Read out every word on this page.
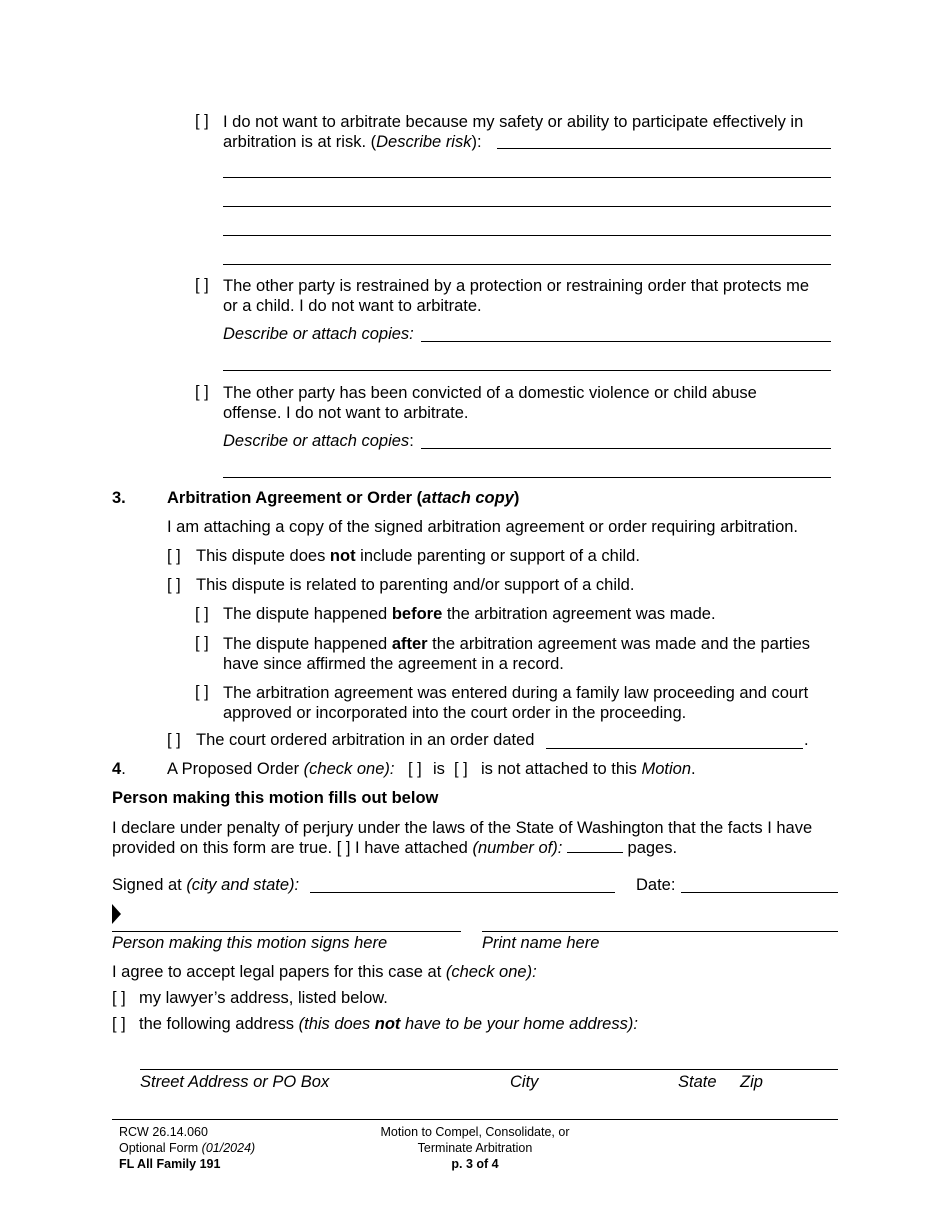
[ ] I do not want to arbitrate because my safety or ability to participate effectively in
arbitration is at risk. (Describe risk):
[ ] The other party is restrained by a protection or restraining order that protects me
or a child. I do not want to arbitrate.
Describe or attach copies:
[ ] The other party has been convicted of a domestic violence or child abuse
offense. I do not want to arbitrate.
Describe or attach copies:
3. Arbitration Agreement or Order (attach copy)
I am attaching a copy of the signed arbitration agreement or order requiring arbitration.
[ ] This dispute does not include parenting or support of a child.
[ ] This dispute is related to parenting and/or support of a child.
[ ] The dispute happened before the arbitration agreement was made.
[ ] The dispute happened after the arbitration agreement was made and the parties
have since affirmed the agreement in a record.
[ ] The arbitration agreement was entered during a family law proceeding and court
approved or incorporated into the court order in the proceeding.
[ ] The court ordered arbitration in an order dated	.
4. A Proposed Order (check one): [ ] is [ ] is not attached to this Motion.
Person making this motion fills out below
I declare under penalty of perjury under the laws of the State of Washington that the facts I have
provided on this form are true. [ ] I have attached (number of):	pages.
Signed at (city and state):	Date:
Person making this motion signs here	Print name here
I agree to accept legal papers for this case at (check one):
[ ] my lawyer’s address, listed below.
[ ] the following address (this does not have to be your home address):
Street Address or PO Box	City	State Zip
RCW 26.14.060
Optional Form (01/2024)
FL All Family 191
Motion to Compel, Consolidate, or
Terminate Arbitration
p. 3 of 4
